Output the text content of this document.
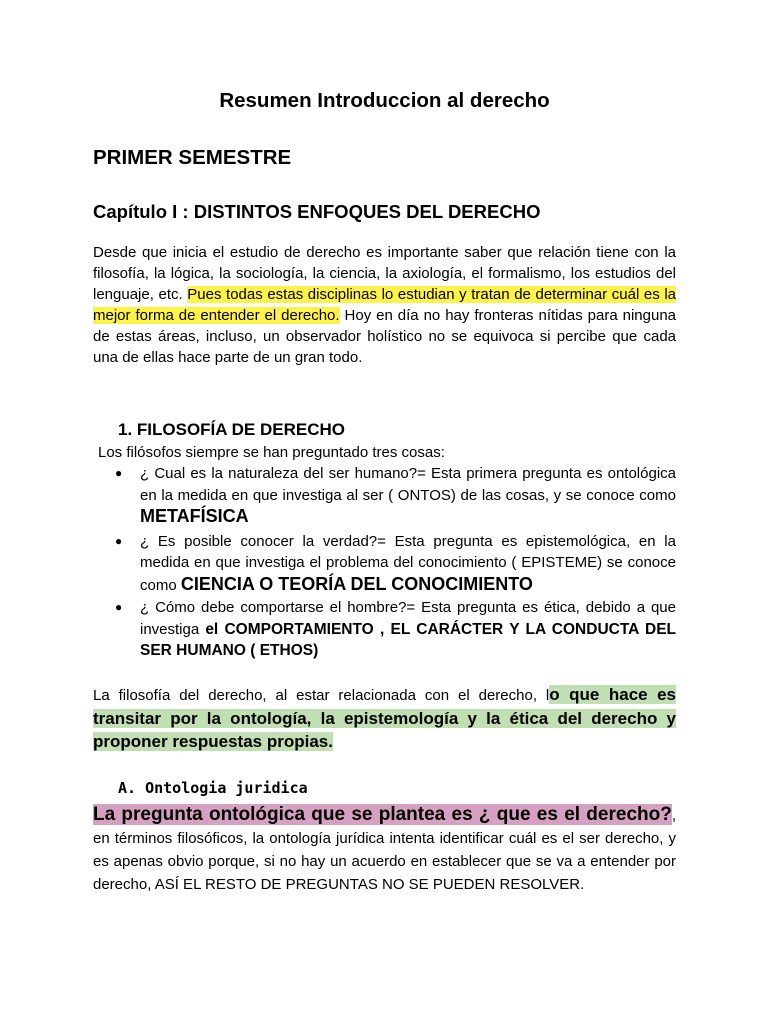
Resumen Introduccion al derecho
PRIMER SEMESTRE
Capítulo I : DISTINTOS ENFOQUES DEL DERECHO

Desde que inicia el estudio de derecho es importante saber que relación tiene con la filosofía, la lógica, la sociología, la ciencia, la axiología, el formalismo, los estudios del lenguaje, etc. Pues todas estas disciplinas lo estudian y tratan de determinar cuál es la mejor forma de entender el derecho. Hoy en día no hay fronteras nítidas para ninguna de estas áreas, incluso, un observador holístico no se equivoca si percibe que cada una de ellas hace parte de un gran todo.

1. FILOSOFÍA DE DERECHO

Los filósofos siempre se han preguntado tres cosas:

● ¿ Cual es la naturaleza del ser humano?= Esta primera pregunta es ontológica en la medida en que investiga al ser ( ONTOS) de las cosas, y se conoce como METAFÍSICA
● ¿ Es posible conocer la verdad?= Esta pregunta es epistemológica, en la medida en que investiga el problema del conocimiento ( EPISTEME) se conoce como CIENCIA O TEORÍA DEL CONOCIMIENTO
● ¿ Cómo debe comportarse el hombre?= Esta pregunta es ética, debido a que investiga el COMPORTAMIENTO , EL CARÁCTER Y LA CONDUCTA DEL SER HUMANO ( ETHOS)

La filosofía del derecho, al estar relacionada con el derecho, lo que hace es transitar por la ontología, la epistemología y la ética del derecho y proponer respuestas propias.

A. Ontologia juridica

La pregunta ontológica que se plantea es ¿ que es el derecho?, en términos filosóficos, la ontología jurídica intenta identificar cuál es el ser derecho, y es apenas obvio porque, si no hay un acuerdo en establecer que se va a entender por derecho, ASÍ EL RESTO DE PREGUNTAS NO SE PUEDEN RESOLVER.
